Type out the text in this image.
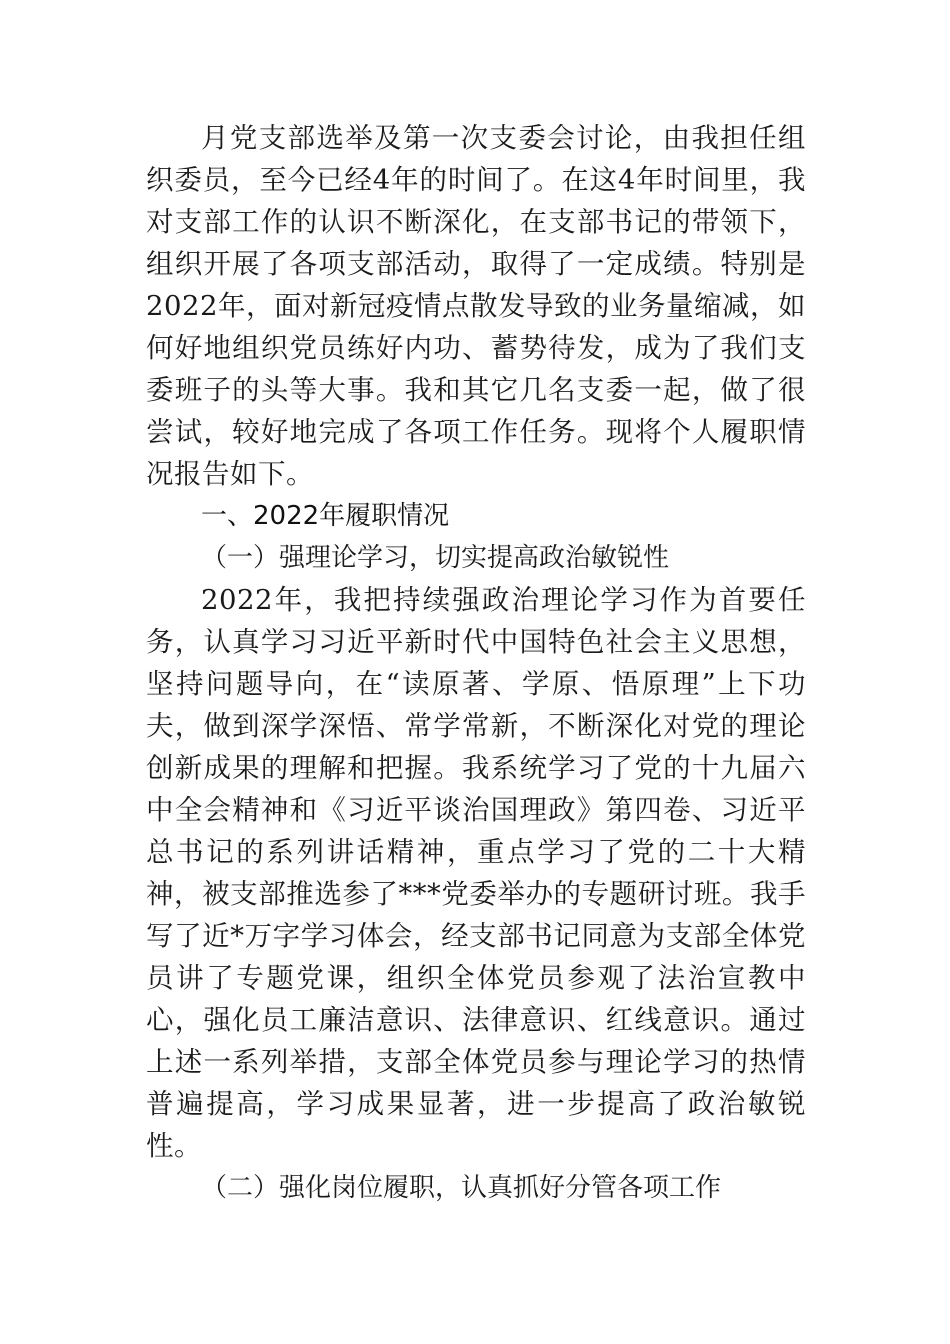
月党支部选举及第一次支委会讨论，由我担任组织委员，至今已经4年的时间了。在这4年时间里，我对支部工作的认识不断深化，在支部书记的带领下，组织开展了各项支部活动，取得了一定成绩。特别是2022年，面对新冠疫情点散发导致的业务量缩减，如何好地组织党员练好内功、蓄势待发，成为了我们支委班子的头等大事。我和其它几名支委一起，做了很尝试，较好地完成了各项工作任务。现将个人履职情况报告如下。

一、2022年履职情况

（一）强理论学习，切实提高政治敏锐性

2022年，我把持续强政治理论学习作为首要任务，认真学习习近平新时代中国特色社会主义思想，坚持问题导向，在“读原著、学原、悟原理”上下功夫，做到深学深悟、常学常新，不断深化对党的理论创新成果的理解和把握。我系统学习了党的十九届六中全会精神和《习近平谈治国理政》第四卷、习近平总书记的系列讲话精神，重点学习了党的二十大精神，被支部推选参了***党委举办的专题研讨班。我手写了近*万字学习体会，经支部书记同意为支部全体党员讲了专题党课，组织全体党员参观了法治宣教中心，强化员工廉洁意识、法律意识、红线意识。通过上述一系列举措，支部全体党员参与理论学习的热情普遍提高，学习成果显著，进一步提高了政治敏锐性。

（二）强化岗位履职，认真抓好分管各项工作
